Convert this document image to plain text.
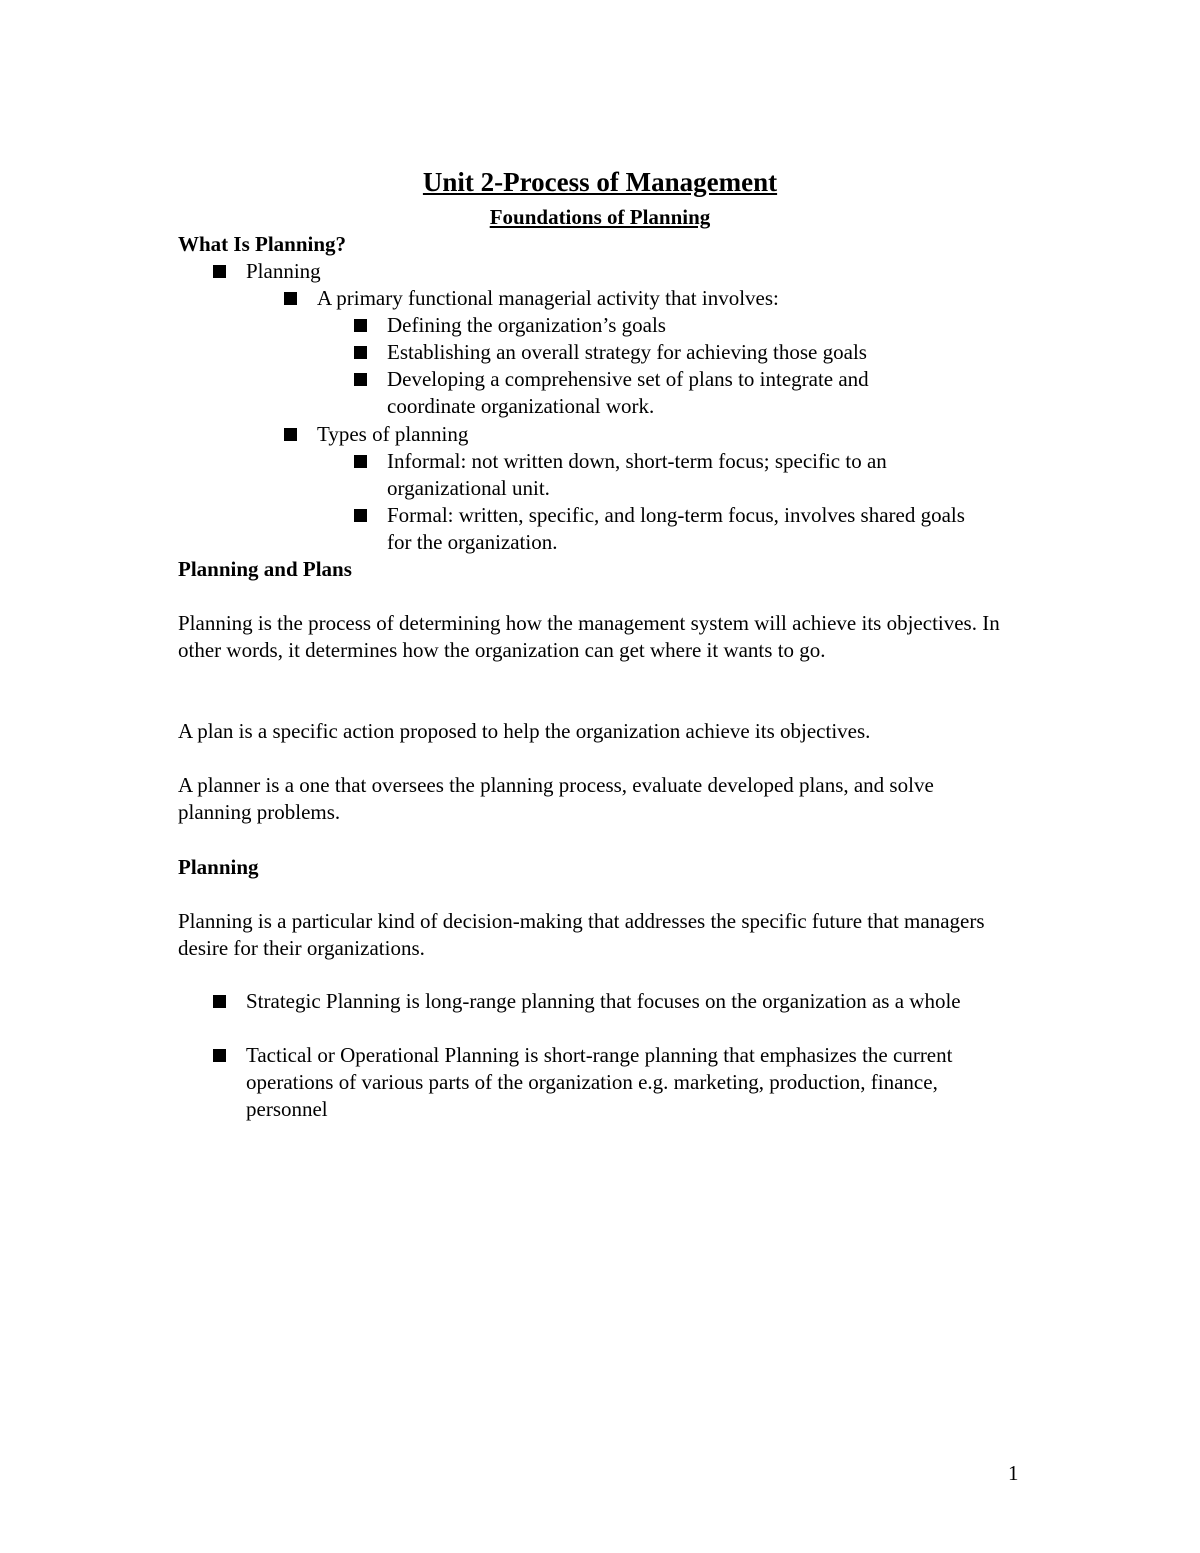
Unit 2-Process of Management
Foundations of Planning

What Is Planning?

Planning
A primary functional managerial activity that involves:
Defining the organization’s goals
Establishing an overall strategy for achieving those goals
Developing a comprehensive set of plans to integrate and coordinate organizational work.
Types of planning
Informal: not written down, short-term focus; specific to an organizational unit.
Formal: written, specific, and long-term focus, involves shared goals for the organization.

Planning and Plans

Planning is the process of determining how the management system will achieve its objectives. In other words, it determines how the organization can get where it wants to go.

A plan is a specific action proposed to help the organization achieve its objectives.

A planner is a one that oversees the planning process, evaluate developed plans, and solve planning problems.

Planning

Planning is a particular kind of decision-making that addresses the specific future that managers desire for their organizations.

Strategic Planning is long-range planning that focuses on the organization as a whole
Tactical or Operational Planning is short-range planning that emphasizes the current operations of various parts of the organization e.g. marketing, production, finance, personnel
1
